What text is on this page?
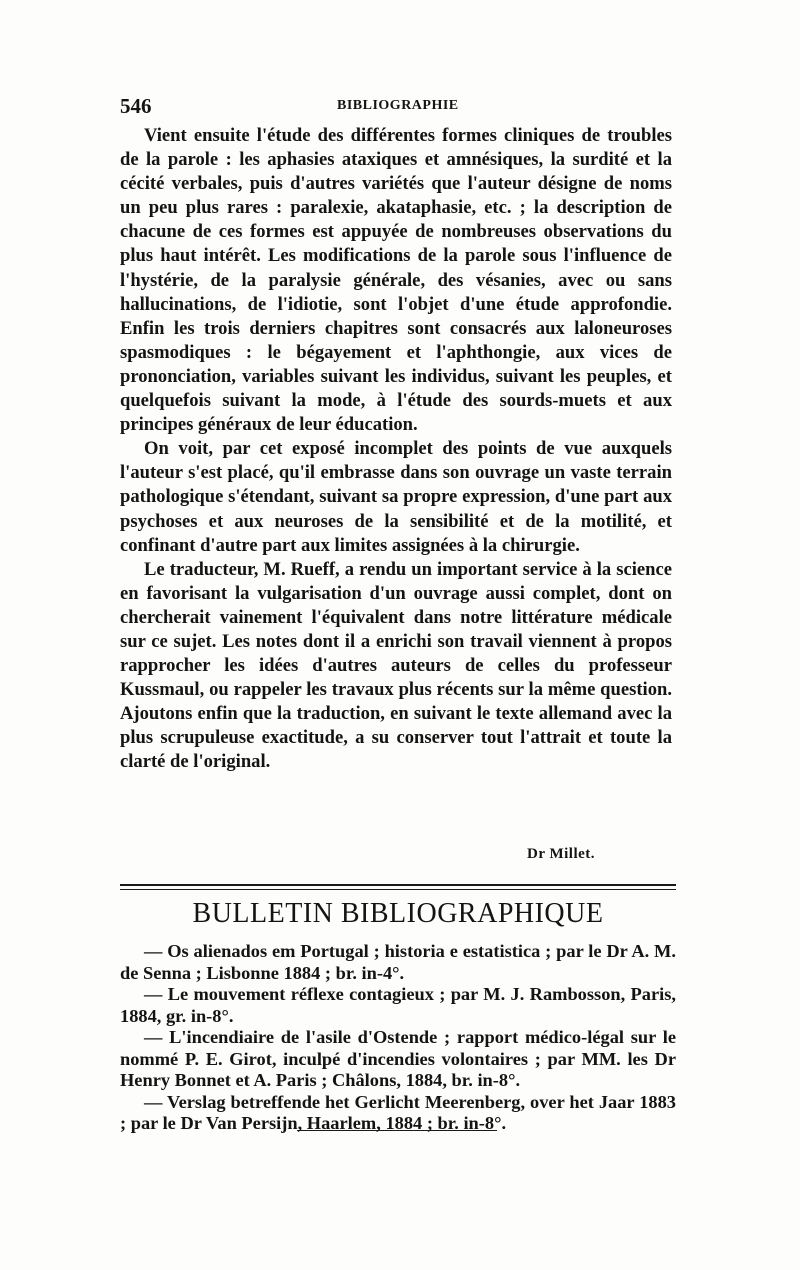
546	BIBLIOGRAPHIE

Vient ensuite l'étude des différentes formes cliniques de troubles de la parole : les aphasies ataxiques et amnésiques, la surdité et la cécité verbales, puis d'autres variétés que l'auteur désigne de noms un peu plus rares : paralexie, akataphasie, etc. ; la description de chacune de ces formes est appuyée de nombreuses observations du plus haut intérêt. Les modifications de la parole sous l'influence de l'hystérie, de la paralysie générale, des vésanies, avec ou sans hallucinations, de l'idiotie, sont l'objet d'une étude approfondie. Enfin les trois derniers chapitres sont consacrés aux laloneuroses spasmodiques : le bégayement et l'aphthongie, aux vices de prononciation, variables suivant les individus, suivant les peuples, et quelquefois suivant la mode, à l'étude des sourds-muets et aux principes généraux de leur éducation.

On voit, par cet exposé incomplet des points de vue auxquels l'auteur s'est placé, qu'il embrasse dans son ouvrage un vaste terrain pathologique s'étendant, suivant sa propre expression, d'une part aux psychoses et aux neuroses de la sensibilité et de la motilité, et confinant d'autre part aux limites assignées à la chirurgie.

Le traducteur, M. Rueff, a rendu un important service à la science en favorisant la vulgarisation d'un ouvrage aussi complet, dont on chercherait vainement l'équivalent dans notre littérature médicale sur ce sujet. Les notes dont il a enrichi son travail viennent à propos rapprocher les idées d'autres auteurs de celles du professeur Kussmaul, ou rappeler les travaux plus récents sur la même question. Ajoutons enfin que la traduction, en suivant le texte allemand avec la plus scrupuleuse exactitude, a su conserver tout l'attrait et toute la clarté de l'original.

Dr Millet.
BULLETIN BIBLIOGRAPHIQUE
— Os alienados em Portugal ; historia e estatistica ; par le Dr A. M. de Senna ; Lisbonne 1884 ; br. in-4°.
— Le mouvement réflexe contagieux ; par M. J. Rambosson, Paris, 1884, gr. in-8°.
— L'incendiaire de l'asile d'Ostende ; rapport médico-légal sur le nommé P. E. Girot, inculpé d'incendies volontaires ; par MM. les Dr Henry Bonnet et A. Paris ; Châlons, 1884, br. in-8°.
— Verslag betreffende het Gerlicht Meerenberg, over het Jaar 1883 ; par le Dr Van Persijn, Haarlem, 1884 ; br. in-8°.
